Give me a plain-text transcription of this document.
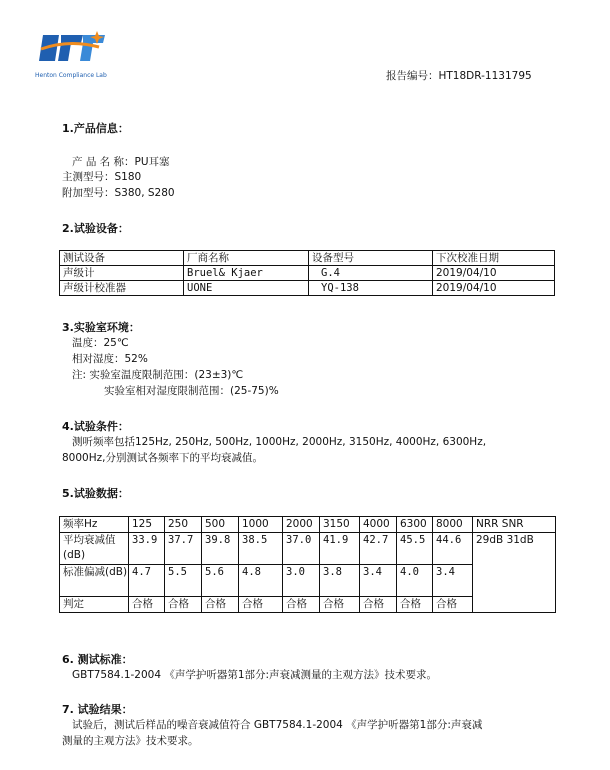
Henton Compliance Lab	报告编号：HT18DR-1131795
1.产品信息：
产 品 名 称：PU耳塞
主测型号：S180
附加型号：S380, S280
2.试验设备：
测试设备	厂商名称	设备型号	下次校准日期
声级计	Bruel& Kjaer	G.4	2019/04/10
声级计校准器	UONE	YQ-138	2019/04/10
3.实验室环境：
温度：25℃
相对湿度：52%
注: 实验室温度限制范围：(23±3)℃
实验室相对湿度限制范围：(25-75)%
4.试验条件：
测听频率包括125Hz, 250Hz, 500Hz, 1000Hz, 2000Hz, 3150Hz, 4000Hz, 6300Hz,
8000Hz,分别测试各频率下的平均衰减值。
5.试验数据：
频率Hz	125	250	500	1000	2000	3150	4000	6300	8000	NRR SNR
平均衰减值(dB)	33.9	37.7	39.8	38.5	37.0	41.9	42.7	45.5	44.6	29dB 31dB
标准偏减(dB)	4.7	5.5	5.6	4.8	3.0	3.8	3.4	4.0	3.4	
判定	合格	合格	合格	合格	合格	合格	合格	合格	合格	
6. 测试标准：
GBT7584.1-2004 《声学护听器第1部分:声衰减测量的主观方法》技术要求。
7. 试验结果：
试验后，测试后样品的噪音衰减值符合 GBT7584.1-2004 《声学护听器第1部分:声衰减
测量的主观方法》技术要求。
